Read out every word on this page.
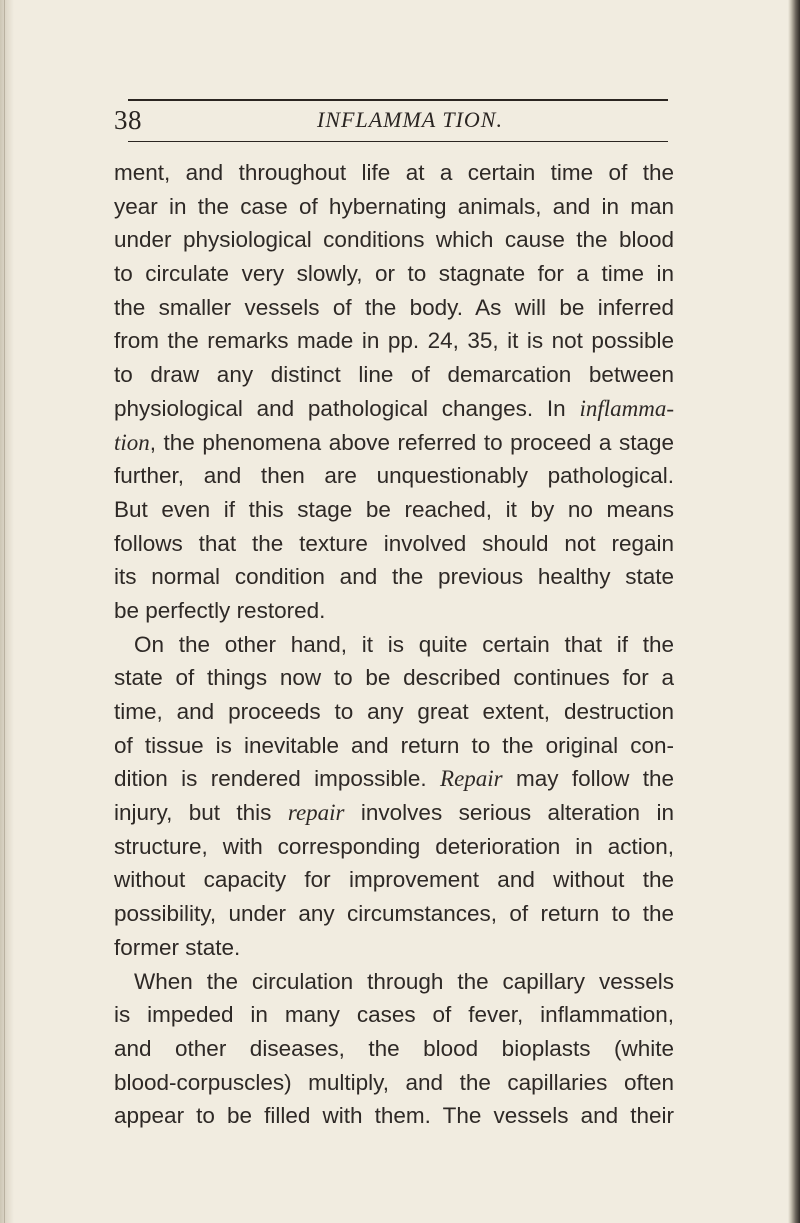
38	INFLAMMA TION.
ment, and throughout life at a certain time of the
year in the case of hybernating animals, and in man
under physiological conditions which cause the blood
to circulate very slowly, or to stagnate for a time in
the smaller vessels of the body. As will be inferred
from the remarks made in pp. 24, 35, it is not possible
to draw any distinct line of demarcation between
physiological and pathological changes. In inflamma-
tion, the phenomena above referred to proceed a stage
further, and then are unquestionably pathological.
But even if this stage be reached, it by no means
follows that the texture involved should not regain
its normal condition and the previous healthy state
be perfectly restored.
On the other hand, it is quite certain that if the
state of things now to be described continues for a
time, and proceeds to any great extent, destruction
of tissue is inevitable and return to the original con-
dition is rendered impossible. Repair may follow the
injury, but this repair involves serious alteration in
structure, with corresponding deterioration in action,
without capacity for improvement and without the
possibility, under any circumstances, of return to the
former state.
When the circulation through the capillary vessels
is impeded in many cases of fever, inflammation,
and other diseases, the blood bioplasts (white
blood-corpuscles) multiply, and the capillaries often
appear to be filled with them. The vessels and their
